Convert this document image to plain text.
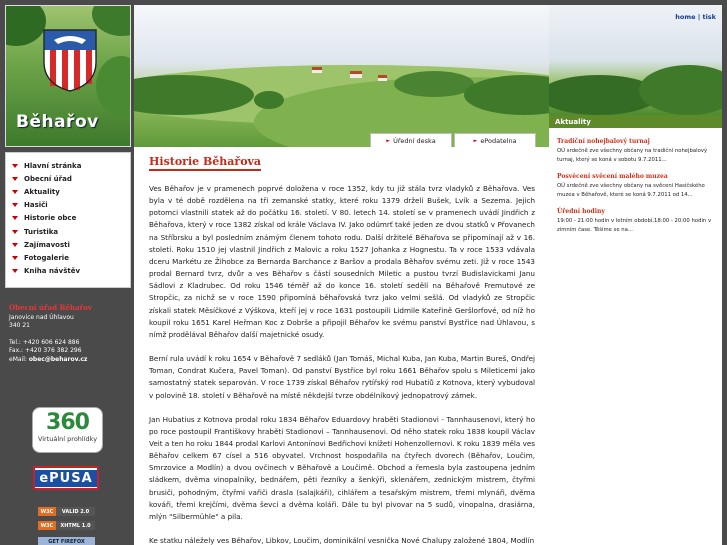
Běhařov
Hlavní stránka
Obecní úřad
Aktuality
Hasiči
Historie obce
Turistika
Zajímavosti
Fotogalerie
Kniha návštěv
Obecní úřad Běhařov
Janovice nad Úhlavou
340 21
Tel.: +420 606 624 886
Fax.: +420 376 382 296
eMail: obec@beharov.cz
360
Virtuální prohlídky
ePUSA
W3C	VALID 2.0
W3C	XHTML 1.0
GET FIREFOX
► Úřední deska	► ePodatelna
home | tisk
Aktuality
Tradiční nohejbalový turnaj
OÚ srdečně zve všechny občany na tradiční nohejbalový turnaj, který se koná v sobotu 9.7.2011...
Posvěcení svěcení malého muzea
OÚ srdečně zve všechny občany na svěcení Hasičského muzea v Běhařově, které se koná 9.7.2011 od 14...
Úřední hodiny
19:00 - 21:00 hodin v letním období,18:00 - 20:00 hodin v zimním čase. Těšíme se na...
Historie Běhařova

Ves Běhařov je v pramenech poprvé doložena v roce 1352, kdy tu již stála tvrz vladyků z Běhařova. Ves byla v té době rozdělena na tři zemanské statky, které roku 1379 drželi Bušek, Lvík a Sezema. Jejich potomci vlastnili statek až do počátku 16. století. V 80. letech 14. století se v pramenech uvádí Jindřich z Běhařova, který v roce 1382 získal od krále Václava IV. Jako odúmrť také jeden ze dvou statků v Přovanech na Stříbrsku a byl posledním známým členem tohoto rodu. Další držitelé Běhařova se připomínají až v 16. století. Roku 1510 jej vlastnil Jindřich z Malovic a roku 1527 Johanka z Hognestu. Ta v roce 1533 vdávala dceru Markétu ze Žihobce za Bernarda Barchance z Baršov a prodala Běhařov svému zeti. Již v roce 1543 prodal Bernard tvrz, dvůr a ves Běhařov s částí sousedních Miletic a pustou tvrzí Budislavickami Janu Sádlovi z Kladrubec. Od roku 1546 téměř až do konce 16. století sedělí na Běhařově Fremutové ze Stropčic, za nichž se v roce 1590 připomíná běhařovská tvrz jako velmi sešlá. Od vladyků ze Stropčic získali statek Měsíčkové z Výškova, kteří jej v roce 1631 postoupili Lidmile Kateřině Geršlorfové, od níž ho koupil roku 1651 Karel Heřman Koc z Dobrše a připojil Běhařov ke svému panství Bystřice nad Úhlavou, s nímž prodělával Běhařov další majetnické osudy.

Berní rula uvádí k roku 1654 v Běhařově 7 sedláků (Jan Tomáš, Michal Kuba, Jan Kuba, Martin Bureš, Ondřej Toman, Condrat Kučera, Pavel Toman). Od panství Bystřice byl roku 1661 Běhařov spolu s Mileticemi jako samostatný statek separován. V roce 1739 získal Běhařov rytířský rod Hubatiů z Kotnova, který vybudoval v polovině 18. století v Běhařově na místě někdejší tvrze obdélníkový jednopatrový zámek.

Jan Hubatius z Kotnova prodal roku 1834 Běhařov Eduardovy hraběti Stadionovi - Tannhausenovi, který ho po roce postoupil Františkovy hraběti Stadionovi – Tannhausenovi. Od něho statek roku 1838 koupil Václav Veit a ten ho roku 1844 prodal Karlovi Antonínovi Bedřichovi knížeti Hohenzollernovi. K roku 1839 měla ves Běhařov celkem 67 císel a 516 obyvatel. Vrchnost hospodařila na čtyřech dvorech (Běhařov, Loučim, Smrzovice a Modlín) a dvou ovčinech v Běhařově a Loučimě. Obchod a řemesla byla zastoupena jedním sládkem, dvěma vinopalníky, bednářem, pěti řezníky a šenkýři, sklenářem, zednickým mistrem, čtyřmi brusiči, pohodným, čtyřmi vařiči drasla (salajkáři), cihlářem a tesařským mistrem, třemi mlynáři, dvěma kováři, třemi krejčími, dvěma ševci a dvěma koláři. Dále tu byl pivovar na 5 sudů, vinopalna, drasiárna, mlýn "Silbermühle" a pila.

Ke statku náležely ves Běhařov, Libkov, Loučim, dominikální vesnička Nové Chalupy založené 1804, Modlín
